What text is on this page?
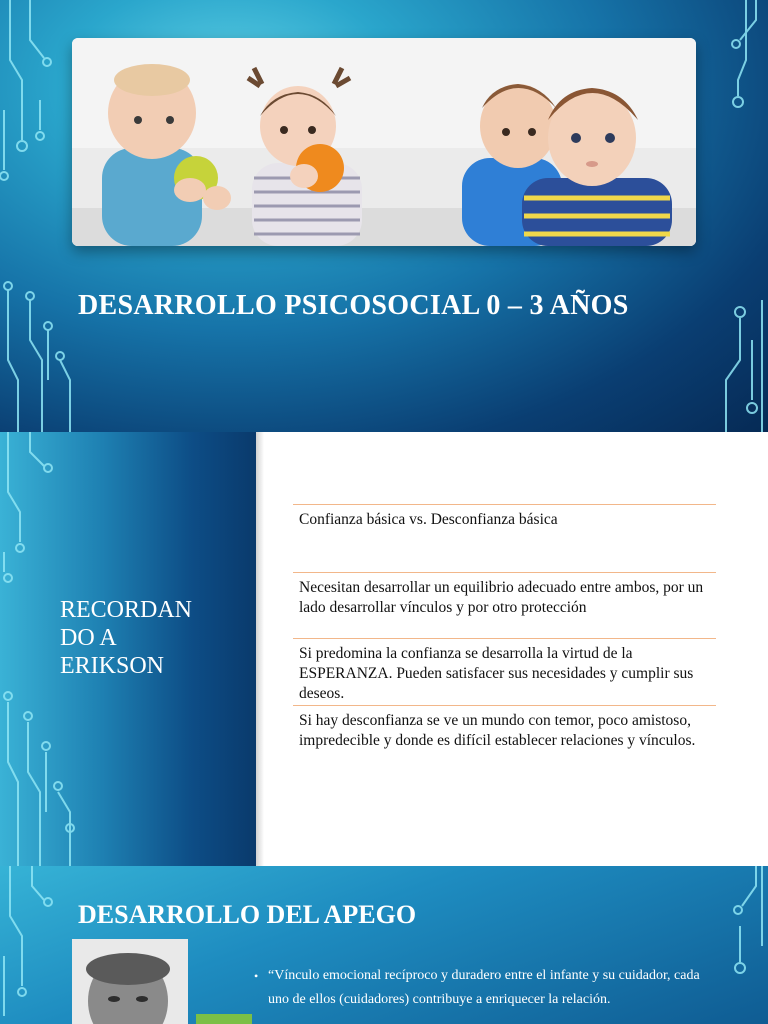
DESARROLLO PSICOSOCIAL 0 – 3 AÑOS
RECORDAN
DO A
ERIKSON
Confianza básica vs. Desconfianza básica
Necesitan desarrollar un equilibrio adecuado entre ambos, por un lado desarrollar vínculos y por otro protección
Si predomina la confianza se desarrolla la virtud de la ESPERANZA. Pueden satisfacer sus necesidades y cumplir sus deseos.
Si hay desconfianza se ve un mundo con temor, poco amistoso, impredecible y donde es difícil establecer relaciones y vínculos.
DESARROLLO DEL APEGO
• “Vínculo emocional recíproco y duradero entre el infante y su cuidador, cada uno de ellos (cuidadores) contribuye a enriquecer la relación.
